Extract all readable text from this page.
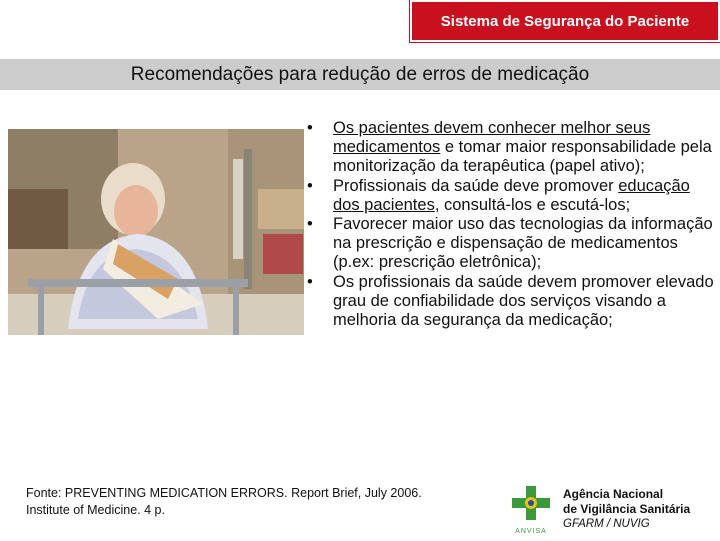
Sistema de Segurança do Paciente
Recomendações para redução de erros de medicação
• Os pacientes devem conhecer melhor seus medicamentos e tomar maior responsabilidade pela monitorização da terapêutica (papel ativo);
• Profissionais da saúde deve promover educação dos pacientes, consultá-los e escutá-los;
• Favorecer maior uso das tecnologias da informação na prescrição e dispensação de medicamentos (p.ex: prescrição eletrônica);
• Os profissionais da saúde devem promover elevado grau de confiabilidade dos serviços visando a melhoria da segurança da medicação;
Fonte: PREVENTING MEDICATION ERRORS. Report Brief, July 2006.
Institute of Medicine. 4 p.
ANVISA
Agência Nacional
de Vigilância Sanitária
GFARM / NUVIG
